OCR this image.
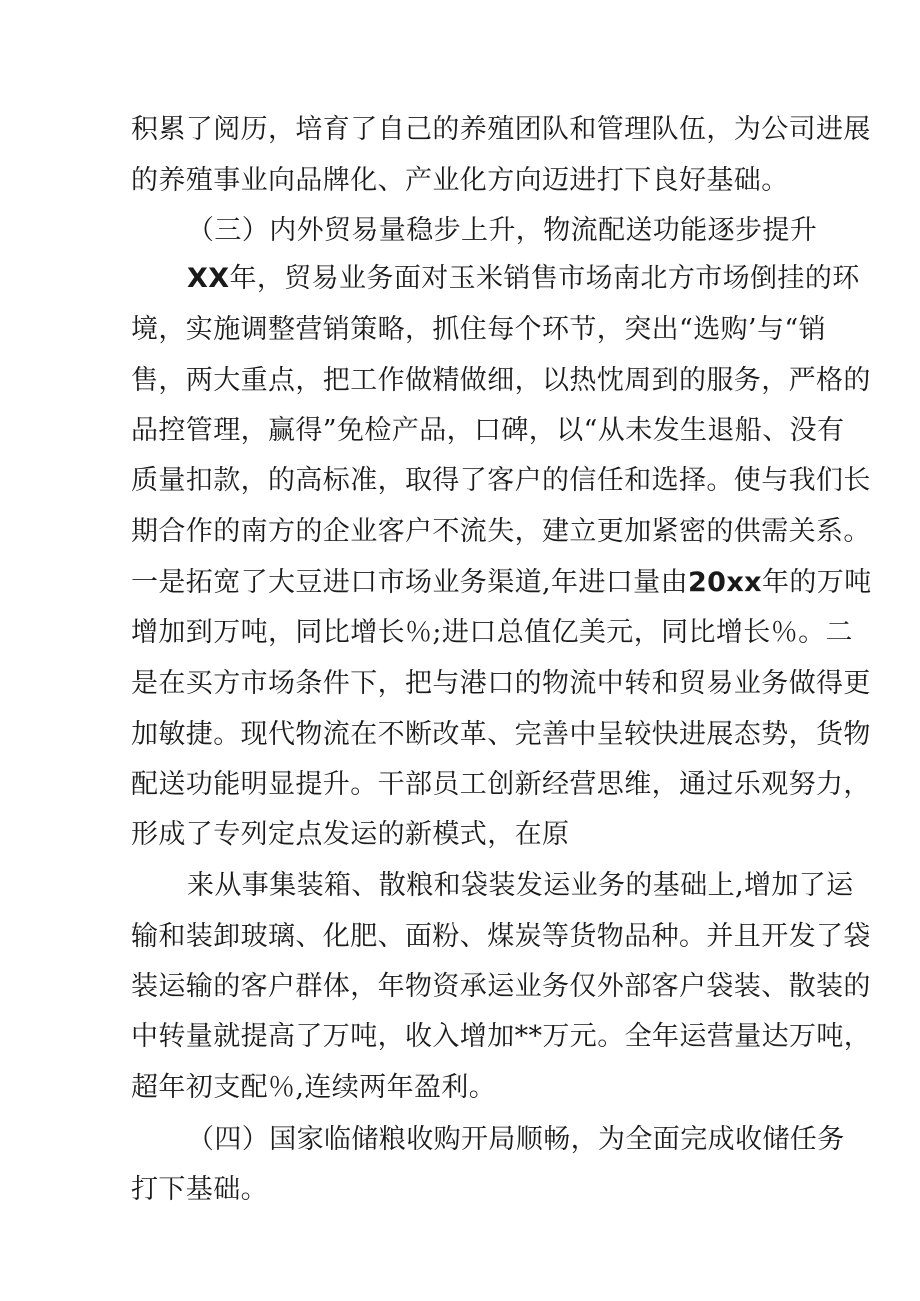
积累了阅历，培育了自己的养殖团队和管理队伍，为公司进展
的养殖事业向品牌化、产业化方向迈进打下良好基础。
（三）内外贸易量稳步上升，物流配送功能逐步提升
XX年，贸易业务面对玉米销售市场南北方市场倒挂的环
境，实施调整营销策略，抓住每个环节，突出“选购’与“销
售，两大重点，把工作做精做细，以热忱周到的服务，严格的
品控管理，赢得”免检产品，口碑，以“从未发生退船、没有
质量扣款，的高标准，取得了客户的信任和选择。使与我们长
期合作的南方的企业客户不流失，建立更加紧密的供需关系。
一是拓宽了大豆进口市场业务渠道,年进口量由20xx年的万吨
增加到万吨，同比增长％;进口总值亿美元，同比增长％。二
是在买方市场条件下，把与港口的物流中转和贸易业务做得更
加敏捷。现代物流在不断改革、完善中呈较快进展态势，货物
配送功能明显提升。干部员工创新经营思维，通过乐观努力，
形成了专列定点发运的新模式，在原
来从事集装箱、散粮和袋装发运业务的基础上,增加了运
输和装卸玻璃、化肥、面粉、煤炭等货物品种。并且开发了袋
装运输的客户群体，年物资承运业务仅外部客户袋装、散装的
中转量就提高了万吨，收入增加**万元。全年运营量达万吨，
超年初支配％,连续两年盈利。
（四）国家临储粮收购开局顺畅，为全面完成收储任务
打下基础。
